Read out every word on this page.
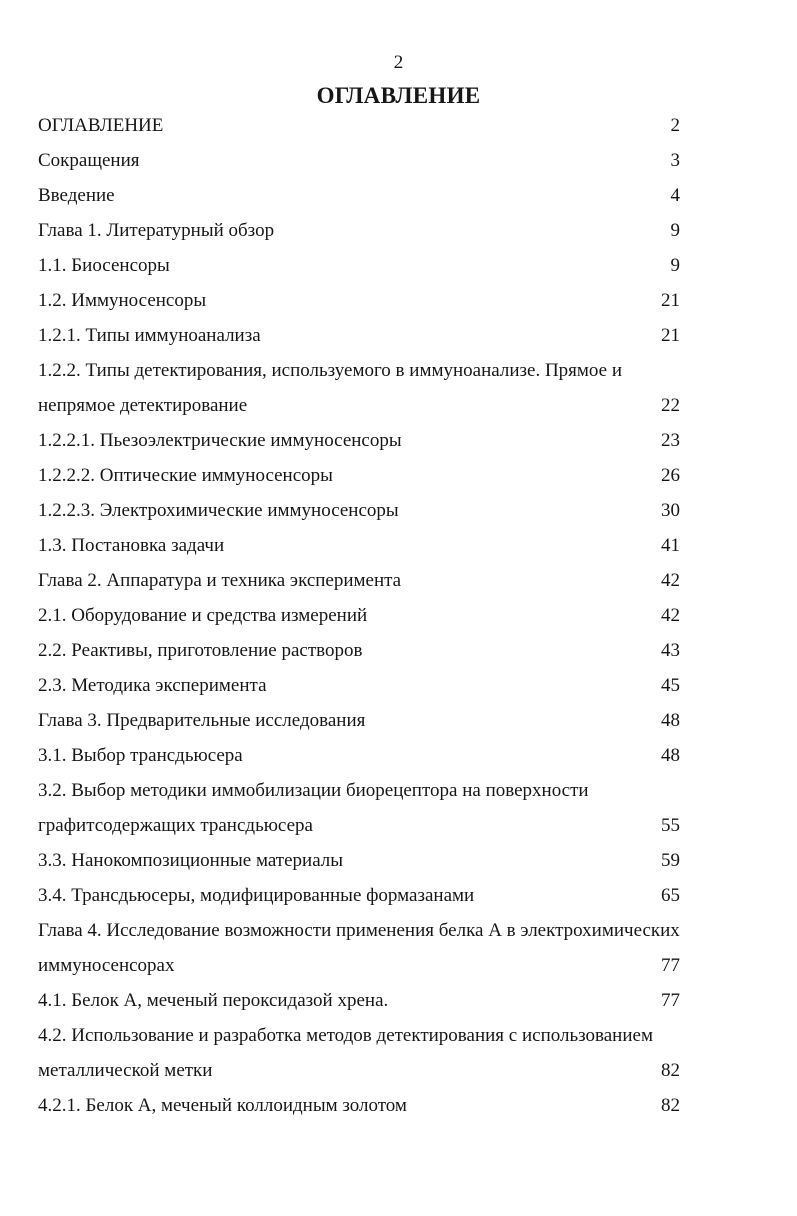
2
ОГЛАВЛЕНИЕ
ОГЛАВЛЕНИЕ	2
Сокращения	3
Введение	4
Глава 1. Литературный обзор	9
1.1. Биосенсоры	9
1.2. Иммуносенсоры	21
1.2.1. Типы иммуноанализа	21
1.2.2. Типы детектирования, используемого в иммуноанализе. Прямое и
непрямое детектирование	22
1.2.2.1. Пьезоэлектрические иммуносенсоры	23
1.2.2.2. Оптические иммуносенсоры	26
1.2.2.3. Электрохимические иммуносенсоры	30
1.3. Постановка задачи	41
Глава 2. Аппаратура и техника эксперимента	42
2.1. Оборудование и средства измерений	42
2.2. Реактивы, приготовление растворов	43
2.3. Методика эксперимента	45
Глава 3. Предварительные исследования	48
3.1. Выбор трансдьюсера	48
3.2. Выбор методики иммобилизации биорецептора на поверхности
графитсодержащих трансдьюсера	55
3.3. Нанокомпозиционные материалы	59
3.4. Трансдьюсеры, модифицированные формазанами	65
Глава 4. Исследование возможности применения белка А в электрохимических
иммуносенсорах	77
4.1. Белок А, меченый пероксидазой хрена.	77
4.2. Использование и разработка методов детектирования с использованием
металлической метки	82
4.2.1. Белок А, меченый коллоидным золотом	82
